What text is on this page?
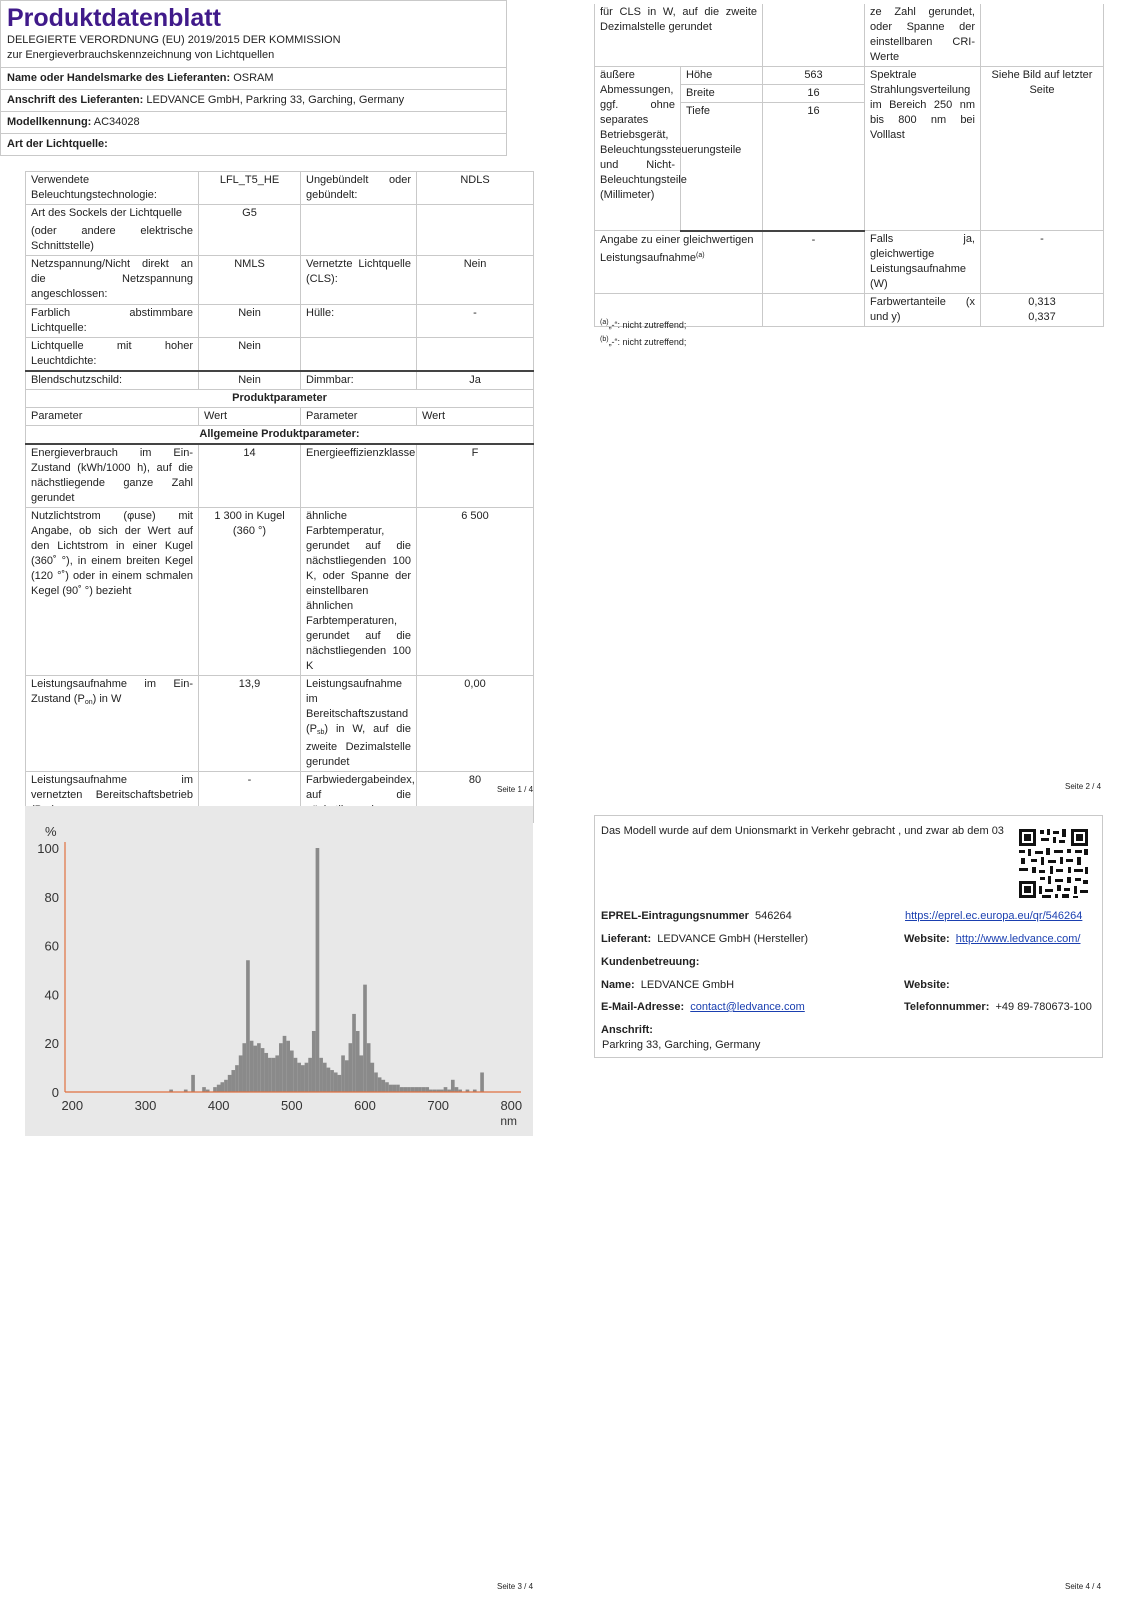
Produktdatenblatt
DELEGIERTE VERORDNUNG (EU) 2019/2015 DER KOMMISSION zur Energieverbrauchskennzeichnung von Lichtquellen
Name oder Handelsmarke des Lieferanten: OSRAM
Anschrift des Lieferanten: LEDVANCE GmbH, Parkring 33, Garching, Germany
Modellkennung: AC34028
Art der Lichtquelle:
Verwendete Beleuchtungstechnologie:	LFL_T5_HE	Ungebündelt oder gebündelt:	NDLS

Art des Sockels der Lichtquelle
(oder andere elektrische Schnittstelle)	G5		
Netzspannung/Nicht direkt an die Netzspannung angeschlossen:	NMLS	Vernetzte Lichtquelle (CLS):	Nein
Farblich abstimmbare Lichtquelle:	Nein	Hülle:	-
Lichtquelle mit hoher Leuchtdichte:	Nein		
Blendschutzschild:	Nein	Dimmbar:	Ja
Produktparameter			
Parameter	Wert	Parameter	Wert
Allgemeine Produktparameter:			
Energieverbrauch im Ein-Zustand (kWh/1000 h), auf die nächstliegende ganze Zahl gerundet	14	Energieeffizienzklasse	F
Nutzlichtstrom (φuse) mit Angabe, ob sich der Wert auf den Lichtstrom in einer Kugel (360˚ °), in einem breiten Kegel (120 °˚) oder in einem schmalen Kegel (90˚ °) bezieht	1 300 in Kugel (360 °)	ähnliche Farbtemperatur, gerundet auf die nächstliegenden 100 K, oder Spanne der einstellbaren ähnlichen Farbtemperaturen, gerundet auf die nächstliegenden 100 K	6 500
Leistungsaufnahme im Ein-Zustand $(P_{on})$ in W	13,9	Leistungsaufnahme im Bereitschaftszustand $(P_{sb})$ in W, auf die zweite Dezimalstelle gerundet	0,00
Leistungsaufnahme im vernetzten Bereitschaftsbetrieb	-	Farbwiedergabeindex, auf die	80
Seite 1 / 4
für CLS in W, auf die zweite Dezimalstelle gerundet			ze Zahl gerundet, oder Spanne der einstellbaren CRI-Werte	
äußere Abmessungen, ggf. ohne separates Betriebsgerät, Beleuchtungssteuerungsteile und Nicht-Beleuchtungsteile (Millimeter)	Höhe	563	Spektrale Strahlungsverteilung im Bereich 250 nm bis 800 nm bei Volllast	Siehe Bild auf letzter Seite
	Breite	16		
	Tiefe	16		
Angabe zu einer gleichwertigen Leistungsaufnahme$^{(a)}$		-	Falls ja, gleichwertige Leistungsaufnahme (W)	-
			Farbwertanteile (x und y)	0,313
0,337
$^{(a)}$„-“: nicht zutreffend;
$^{(b)}$„-“: nicht zutreffend;
Seite 2 / 4
0
20
40
60
80
100
200	300	400	500	600	700	800
%
nm
Seite 3 / 4
Das Modell wurde auf dem Unionsmarkt in Verkehr gebracht , und zwar ab dem 03
EPREL-Eintragungsnummer 546264	https://eprel.ec.europa.eu/qr/546264
Lieferant: LEDVANCE GmbH (Hersteller)	Website: http://www.ledvance.com/
Kundenbetreuung:
Name: LEDVANCE GmbH	Website:
E-Mail-Adresse: contact@ledvance.com	Telefonnummer: +49 89-780673-100
Anschrift:
Parkring 33, Garching, Germany
Seite 4 / 4
